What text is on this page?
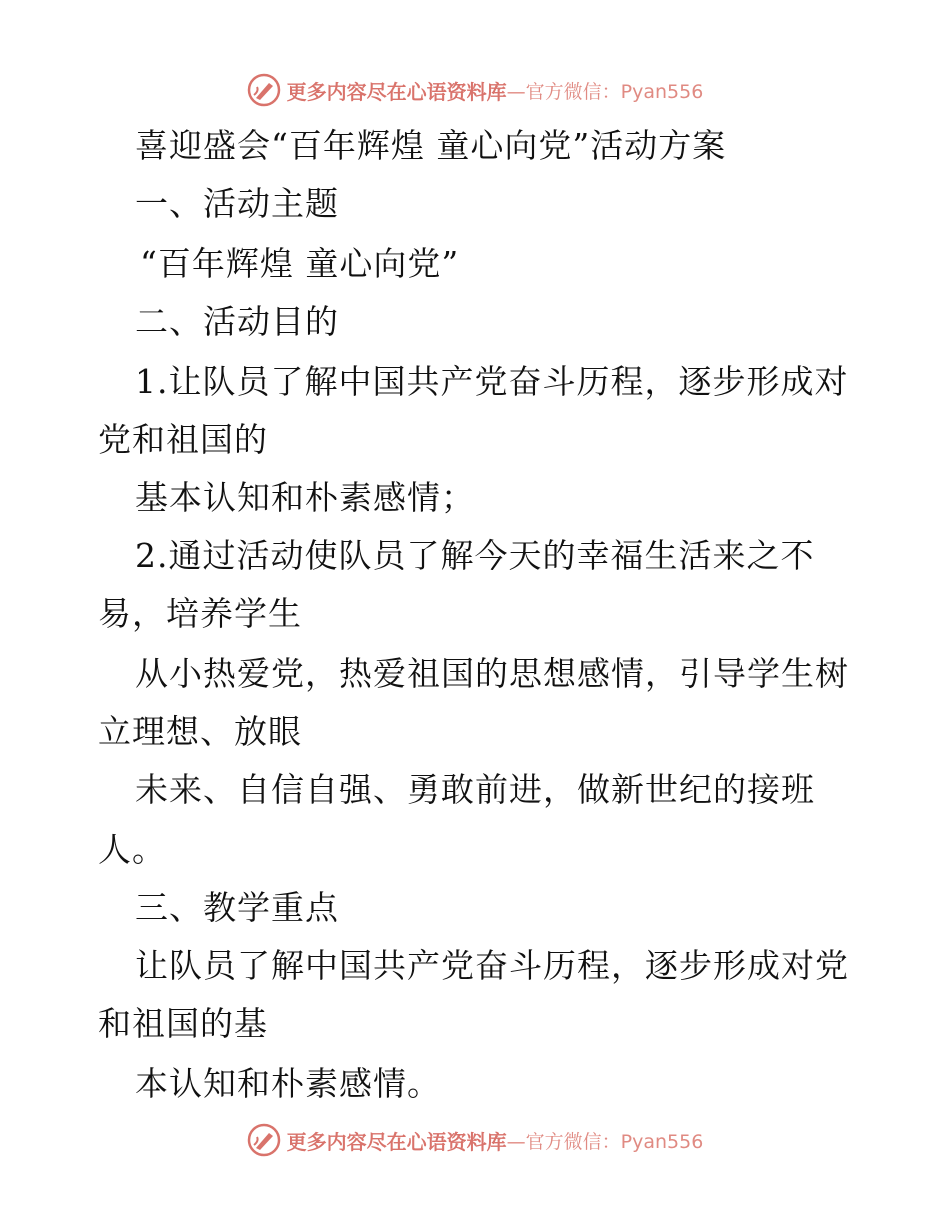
更多内容尽在心语资料库 —官方微信：Pyan556
喜迎盛会“百年辉煌 童心向党”活动方案
一、活动主题
“百年辉煌 童心向党”
二、活动目的
1.让队员了解中国共产党奋斗历程，逐步形成对
党和祖国的
基本认知和朴素感情；
2.通过活动使队员了解今天的幸福生活来之不
易，培养学生
从小热爱党，热爱祖国的思想感情，引导学生树
立理想、放眼
未来、自信自强、勇敢前进，做新世纪的接班
人。
三、教学重点
让队员了解中国共产党奋斗历程，逐步形成对党
和祖国的基
本认知和朴素感情。
更多内容尽在心语资料库 —官方微信：Pyan556
